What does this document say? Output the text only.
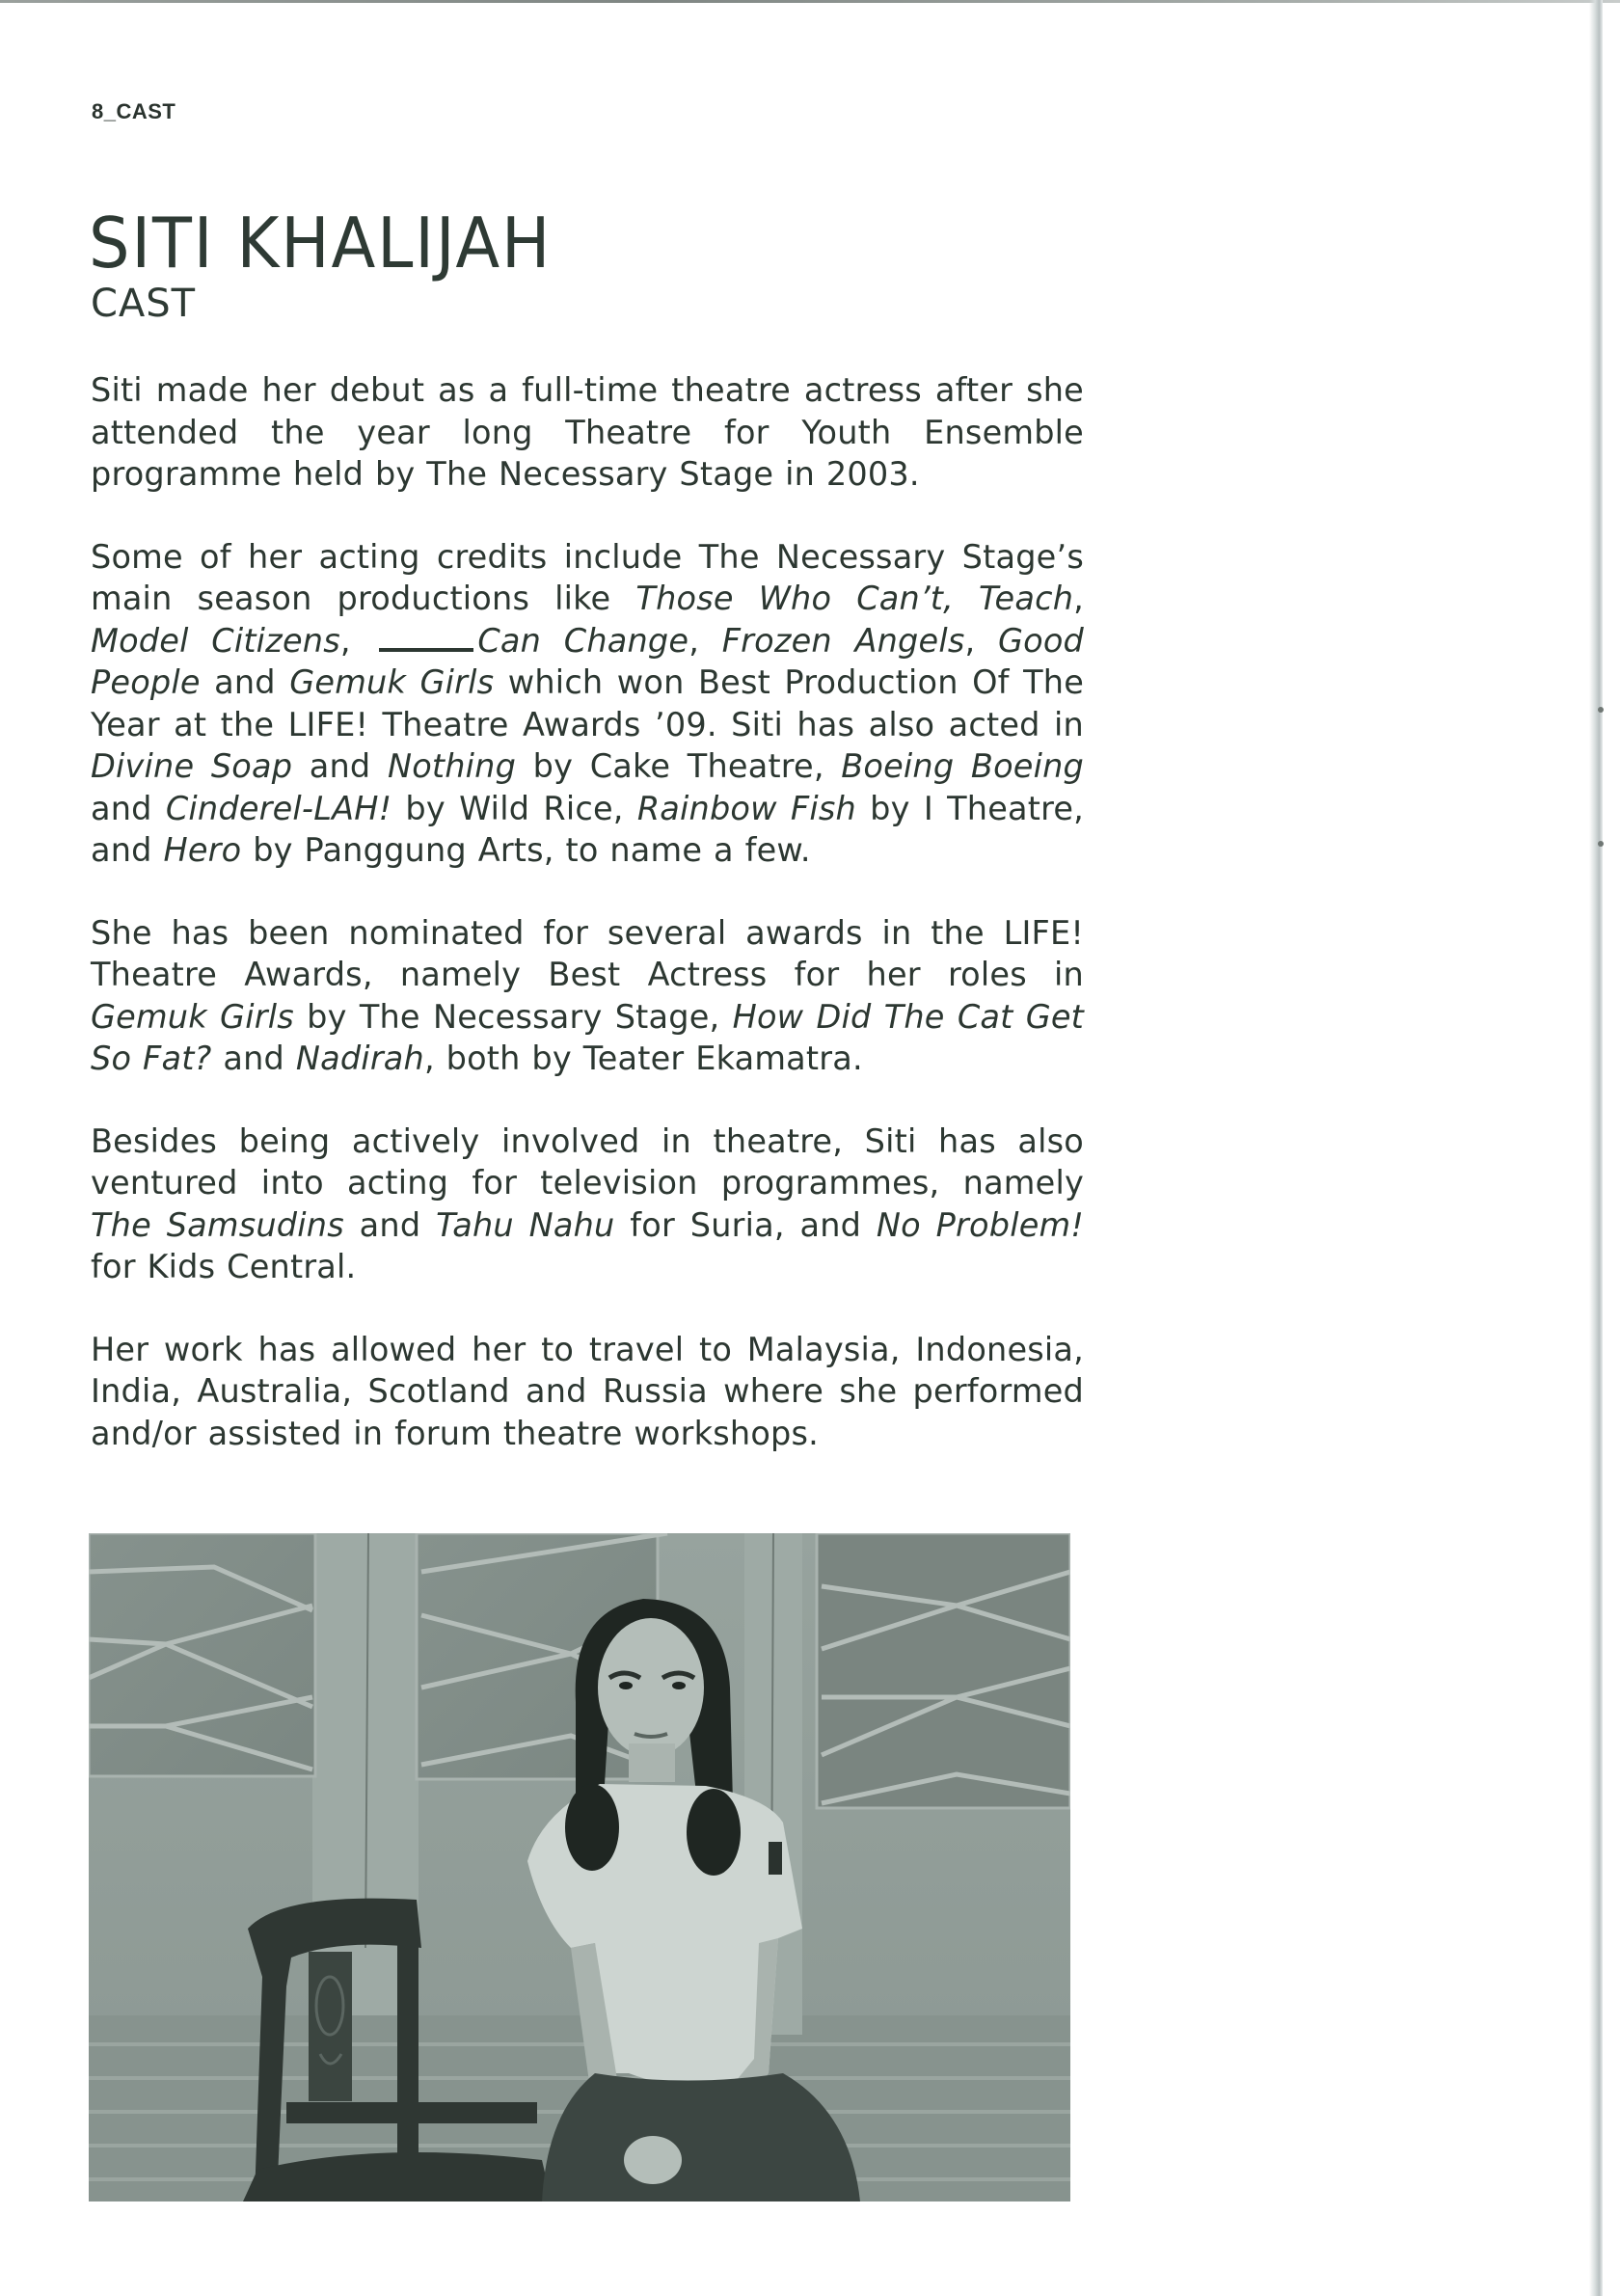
8_CAST
SITI KHALIJAH
CAST

Siti made her debut as a full-time theatre actress after she attended the year long Theatre for Youth Ensemble programme held by The Necessary Stage in 2003.

Some of her acting credits include The Necessary Stage’s main season productions like Those Who Can’t, Teach, Model Citizens,	Can Change, Frozen Angels, Good People and Gemuk Girls which won Best Production Of The Year at the LIFE! Theatre Awards ’09. Siti has also acted in Divine Soap and Nothing by Cake Theatre, Boeing Boeing and Cinderel-LAH! by Wild Rice, Rainbow Fish by I Theatre, and Hero by Panggung Arts, to name a few.

She has been nominated for several awards in the LIFE! Theatre Awards, namely Best Actress for her roles in Gemuk Girls by The Necessary Stage, How Did The Cat Get So Fat? and Nadirah, both by Teater Ekamatra.

Besides being actively involved in theatre, Siti has also ventured into acting for television programmes, namely The Samsudins and Tahu Nahu for Suria, and No Problem! for Kids Central.

Her work has allowed her to travel to Malaysia, Indonesia, India, Australia, Scotland and Russia where she performed and/or assisted in forum theatre workshops.
